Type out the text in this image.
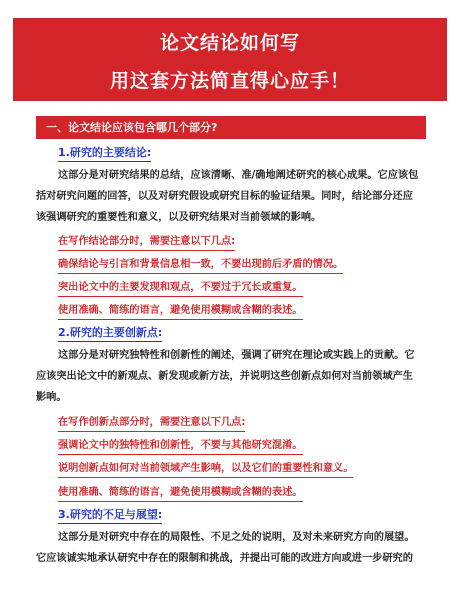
论文结论如何写
用这套方法简直得心应手！
一、论文结论应该包含哪几个部分?
1.研究的主要结论:

这部分是对研究结果的总结，应该清晰、准/确地阐述研究的核心成果。它应该包

括对研究问题的回答，以及对研究假设或研究目标的验证结果。同时，结论部分还应

该强调研究的重要性和意义，以及研究结果对当前领域的影响。

在写作结论部分时，需要注意以下几点:
确保结论与引言和背景信息相一致，不要出现前后矛盾的情况。
突出论文中的主要发现和观点，不要过于冗长或重复。
使用准确、简练的语言，避免使用模糊或含糊的表述。
2.研究的主要创新点:

这部分是对研究独特性和创新性的阐述，强调了研究在理论或实践上的贡献。它

应该突出论文中的新观点、新发现或新方法，并说明这些创新点如何对当前领域产生

影响。

在写作创新点部分时，需要注意以下几点:
强调论文中的独特性和创新性，不要与其他研究混淆。
说明创新点如何对当前领域产生影响，以及它们的重要性和意义。
使用准确、简练的语言，避免使用模糊或含糊的表述。
3.研究的不足与展望:

这部分是对研究中存在的局限性、不足之处的说明，及对未来研究方向的展望。

它应该诚实地承认研究中存在的限制和挑战，并提出可能的改进方向或进一步研究的
